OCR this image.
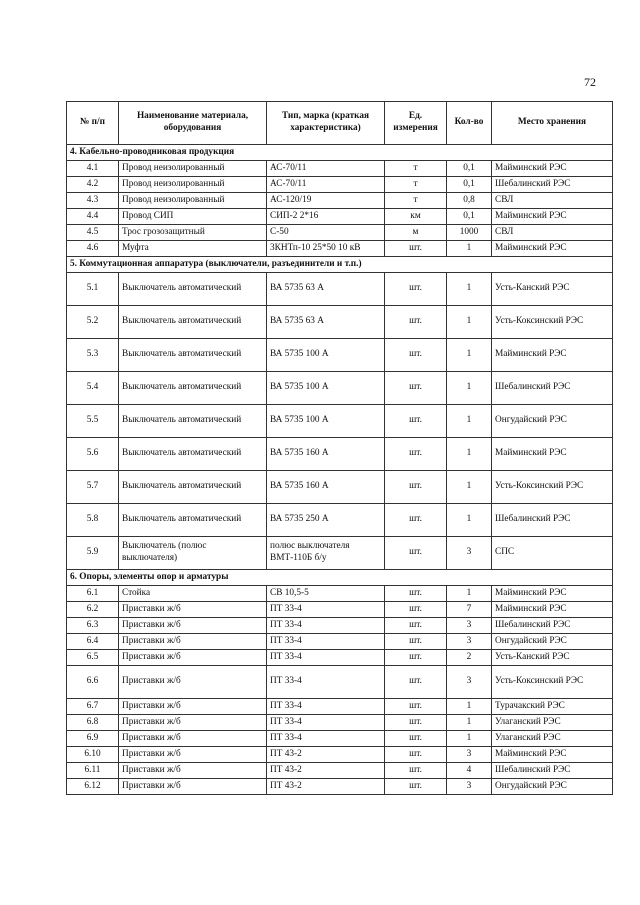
72
№ п/п	Наименование материала, оборудования	Тип, марка (краткая характеристика)	Ед. измерения	Кол-во	Место хранения
4. Кабельно-проводниковая продукция					
4.1	Провод неизолированный	АС-70/11	т	0,1	Майминский РЭС
4.2	Провод неизолированный	АС-70/11	т	0,1	Шебалинский РЭС
4.3	Провод неизолированный	АС-120/19	т	0,8	СВЛ
4.4	Провод СИП	СИП-2 2*16	км	0,1	Майминский РЭС
4.5	Трос грозозащитный	С-50	м	1000	СВЛ
4.6	Муфта	3КНТп-10 25*50 10 кВ	шт.	1	Майминский РЭС
5. Коммутационная аппаратура (выключатели, разъединители и т.п.)					
5.1	Выключатель автоматический	ВА 5735 63 А	шт.	1	Усть-Канский РЭС
5.2	Выключатель автоматический	ВА 5735 63 А	шт.	1	Усть-Коксинский РЭС
5.3	Выключатель автоматический	ВА 5735 100 А	шт.	1	Майминский РЭС
5.4	Выключатель автоматический	ВА 5735 100 А	шт.	1	Шебалинский РЭС
5.5	Выключатель автоматический	ВА 5735 100 А	шт.	1	Онгудайский РЭС
5.6	Выключатель автоматический	ВА 5735 160 А	шт.	1	Майминский РЭС
5.7	Выключатель автоматический	ВА 5735 160 А	шт.	1	Усть-Коксинский РЭС
5.8	Выключатель автоматический	ВА 5735 250 А	шт.	1	Шебалинский РЭС
5.9	Выключатель (полюс выключателя)	полюс выключателя ВМТ-110Б б/у	шт.	3	СПС
6. Опоры, элементы опор и арматуры					
6.1	Стойка	СВ 10,5-5	шт.	1	Майминский РЭС
6.2	Приставки ж/б	ПТ 33-4	шт.	7	Майминский РЭС
6.3	Приставки ж/б	ПТ 33-4	шт.	3	Шебалинский РЭС
6.4	Приставки ж/б	ПТ 33-4	шт.	3	Онгудайский РЭС
6.5	Приставки ж/б	ПТ 33-4	шт.	2	Усть-Канский РЭС
6.6	Приставки ж/б	ПТ 33-4	шт.	3	Усть-Коксинский РЭС
6.7	Приставки ж/б	ПТ 33-4	шт.	1	Турачакский РЭС
6.8	Приставки ж/б	ПТ 33-4	шт.	1	Улаганский РЭС
6.9	Приставки ж/б	ПТ 33-4	шт.	1	Улаганский РЭС
6.10	Приставки ж/б	ПТ 43-2	шт.	3	Майминский РЭС
6.11	Приставки ж/б	ПТ 43-2	шт.	4	Шебалинский РЭС
6.12	Приставки ж/б	ПТ 43-2	шт.	3	Онгудайский РЭС
